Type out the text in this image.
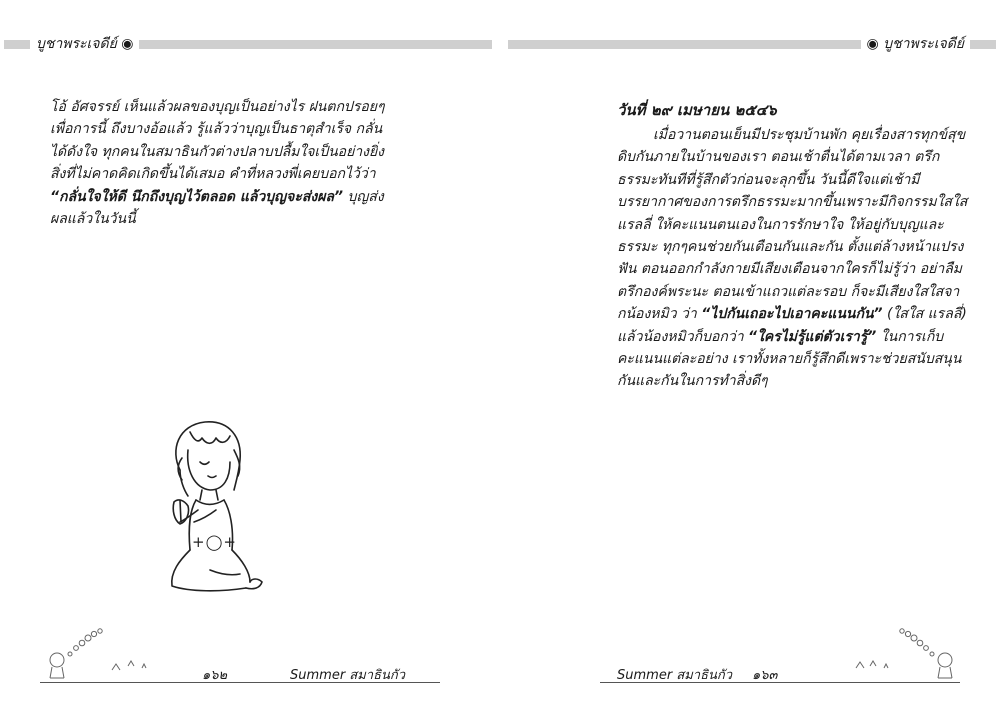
บูชาพระเจดีย์ ◉	◉ บูชาพระเจดีย์

โอ้ อัศจรรย์ เห็นแล้วผลของบุญเป็นอย่างไร ฝนตกปรอยๆ เพื่อการนี้ ถึงบางอ้อแล้ว รู้แล้วว่าบุญเป็นธาตุสำเร็จ กลั่นได้ดังใจ ทุกคนในสมาธินกัวต่างปลาบปลื้มใจเป็นอย่างยิ่ง สิ่งที่ไม่คาดคิดเกิดขึ้นได้เสมอ คำที่หลวงพี่เคยบอกไว้ว่า “กลั่นใจให้ดี นึกถึงบุญไว้ตลอด แล้วบุญจะส่งผล” บุญส่งผลแล้วในวันนี้

วันที่ ๒๙ เมษายน ๒๕๔๖

เมื่อวานตอนเย็นมีประชุมบ้านพัก คุยเรื่องสารทุกข์สุขดิบกันภายในบ้านของเรา ตอนเช้าตื่นได้ตามเวลา ตรึกธรรมะทันทีที่รู้สึกตัวก่อนจะลุกขึ้น วันนี้ดีใจแต่เช้ามีบรรยากาศของการตรึกธรรมะมากขึ้นเพราะมีกิจกรรมใสใส แรลลี่ ให้คะแนนตนเองในการรักษาใจ ให้อยู่กับบุญและธรรมะ ทุกๆคนช่วยกันเตือนกันและกัน ตั้งแต่ล้างหน้าแปรงฟัน ตอนออกกำลังกายมีเสียงเตือนจากใครก็ไม่รู้ว่า อย่าลืมตรึกองค์พระนะ ตอนเข้าแถวแต่ละรอบ ก็จะมีเสียงใสใสจากน้องหมิว ว่า “ไปกันเถอะไปเอาคะแนนกัน” (ใสใส แรลลี่) แล้วน้องหมิวก็บอกว่า “ใครไม่รู้แต่ตัวเรารู้” ในการเก็บคะแนนแต่ละอย่าง เราทั้งหลายก็รู้สึกดีเพราะช่วยสนับสนุนกันและกันในการทำสิ่งดีๆ

+◯+
๑๖๒	Summer สมาธินกัว	Summer สมาธินกัว ๑๖๓
